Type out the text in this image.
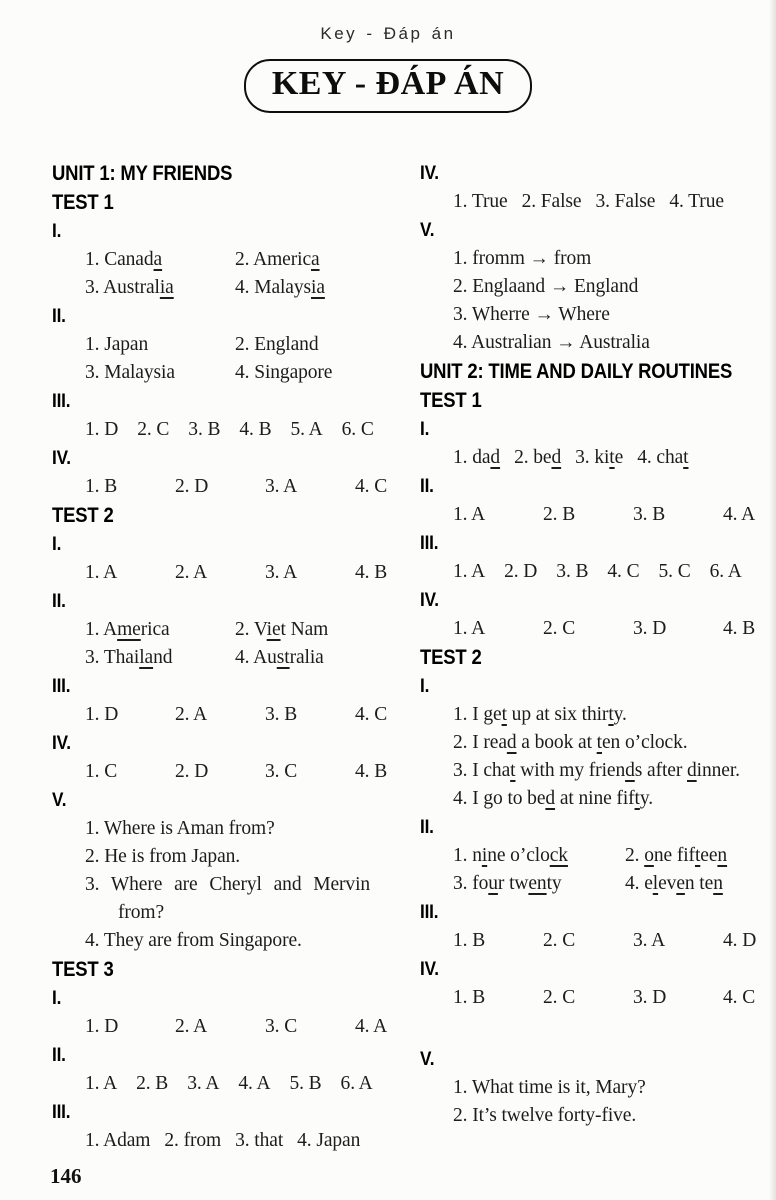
Key - Đáp án
KEY - ĐÁP ÁN
UNIT 1: MY FRIENDS
TEST 1
I.
1. Canada	2. America
3. Australia	4. Malaysia
II.
1. Japan	2. England
3. Malaysia	4. Singapore
III.
1. D 2. C 3. B 4. B 5. A 6. C
IV.
1. B	2. D	3. A	4. C
TEST 2
I.
1. A	2. A	3. A	4. B
II.
1. America	2. Viet Nam
3. Thailand	4. Australia
III.
1. D	2. A	3. B	4. C
IV.
1. C	2. D	3. C	4. B
V.
1. Where is Aman from?
2. He is from Japan.
3. Where are Cheryl and Mervin
from?
4. They are from Singapore.
TEST 3
I.
1. D	2. A	3. C	4. A
II.
1. A 2. B 3. A 4. A 5. B 6. A
III.
1. Adam 2. from 3. that 4. Japan
IV.
1. True 2. False 3. False 4. True
V.
1. fromm → from
2. Englaand → England
3. Wherre → Where
4. Australian → Australia
UNIT 2: TIME AND DAILY ROUTINES
TEST 1
I.
1. dad 2. bed 3. kite 4. chat
II.
1. A	2. B	3. B	4. A
III.
1. A 2. D 3. B 4. C 5. C 6. A
IV.
1. A	2. C	3. D	4. B
TEST 2
I.
1. I get up at six thirty.
2. I read a book at ten o’clock.
3. I chat with my friends after dinner.
4. I go to bed at nine fifty.
II.
1. nine o’clock	2. one fifteen
3. four twenty	4. eleven ten
III.
1. B	2. C	3. A	4. D
IV.
1. B	2. C	3. D	4. C
V.
1. What time is it, Mary?
2. It’s twelve forty-five.
146
